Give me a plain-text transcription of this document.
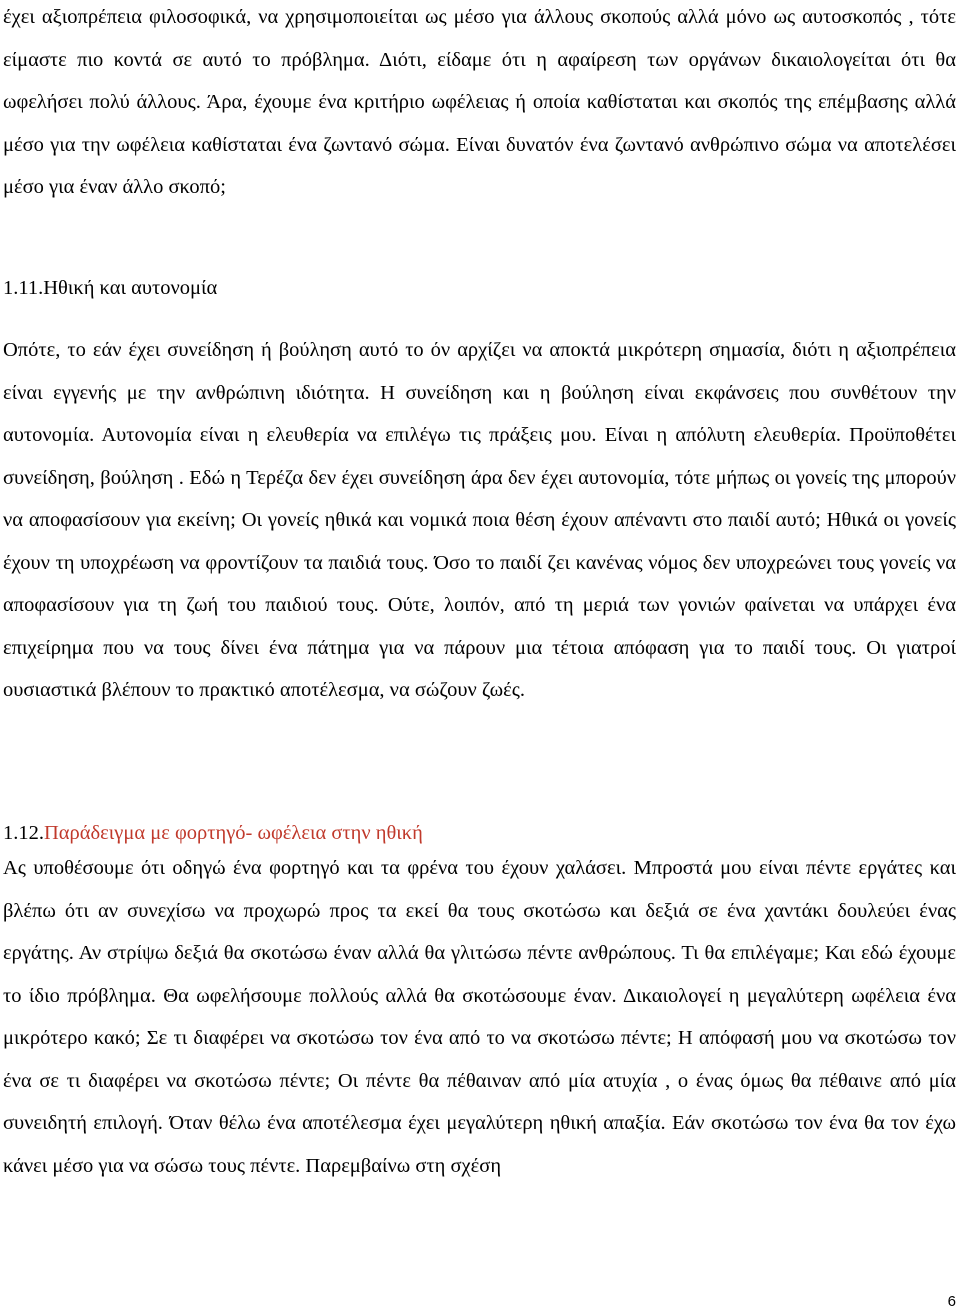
έχει αξιοπρέπεια φιλοσοφικά, να χρησιμοποιείται ως μέσο για άλλους σκοπούς αλλά μόνο ως αυτοσκοπός , τότε είμαστε πιο κοντά σε αυτό το πρόβλημα. Διότι, είδαμε ότι η αφαίρεση των οργάνων δικαιολογείται ότι θα ωφελήσει πολύ άλλους. Άρα, έχουμε ένα κριτήριο ωφέλειας ή οποία καθίσταται και σκοπός της επέμβασης αλλά μέσο για την ωφέλεια καθίσταται ένα ζωντανό σώμα. Είναι δυνατόν ένα ζωντανό ανθρώπινο σώμα να αποτελέσει μέσο για έναν άλλο σκοπό;

1.11.Ηθική και αυτονομία

Οπότε, το εάν έχει συνείδηση ή βούληση αυτό το όν αρχίζει να αποκτά μικρότερη σημασία, διότι η αξιοπρέπεια είναι εγγενής με την ανθρώπινη ιδιότητα. Η συνείδηση και η βούληση είναι εκφάνσεις που συνθέτουν την αυτονομία. Αυτονομία είναι η ελευθερία να επιλέγω τις πράξεις μου. Είναι η απόλυτη ελευθερία. Προϋποθέτει συνείδηση, βούληση . Εδώ η Τερέζα δεν έχει συνείδηση άρα δεν έχει αυτονομία, τότε μήπως οι γονείς της μπορούν να αποφασίσουν για εκείνη; Οι γονείς ηθικά και νομικά ποια θέση έχουν απέναντι στο παιδί αυτό; Ηθικά οι γονείς έχουν τη υποχρέωση να φροντίζουν τα παιδιά τους. Όσο το παιδί ζει κανένας νόμος δεν υποχρεώνει τους γονείς να αποφασίσουν για τη ζωή του παιδιού τους. Ούτε, λοιπόν, από τη μεριά των γονιών φαίνεται να υπάρχει ένα επιχείρημα που να τους δίνει ένα πάτημα για να πάρουν μια τέτοια απόφαση για το παιδί τους. Οι γιατροί ουσιαστικά βλέπουν το πρακτικό αποτέλεσμα, να σώζουν ζωές.

1.12.Παράδειγμα με φορτηγό- ωφέλεια στην ηθική

Ας υποθέσουμε ότι οδηγώ ένα φορτηγό και τα φρένα του έχουν χαλάσει. Μπροστά μου είναι πέντε εργάτες και βλέπω ότι αν συνεχίσω να προχωρώ προς τα εκεί θα τους σκοτώσω και δεξιά σε ένα χαντάκι δουλεύει ένας εργάτης. Αν στρίψω δεξιά θα σκοτώσω έναν αλλά θα γλιτώσω πέντε ανθρώπους. Τι θα επιλέγαμε; Και εδώ έχουμε το ίδιο πρόβλημα. Θα ωφελήσουμε πολλούς αλλά θα σκοτώσουμε έναν. Δικαιολογεί η μεγαλύτερη ωφέλεια ένα μικρότερο κακό; Σε τι διαφέρει να σκοτώσω τον ένα από το να σκοτώσω πέντε; Η απόφασή μου να σκοτώσω τον ένα σε τι διαφέρει να σκοτώσω πέντε; Οι πέντε θα πέθαιναν από μία ατυχία , ο ένας όμως θα πέθαινε από μία συνειδητή επιλογή. Όταν θέλω ένα αποτέλεσμα έχει μεγαλύτερη ηθική απαξία. Εάν σκοτώσω τον ένα θα τον έχω κάνει μέσο για να σώσω τους πέντε. Παρεμβαίνω στη σχέση

6
